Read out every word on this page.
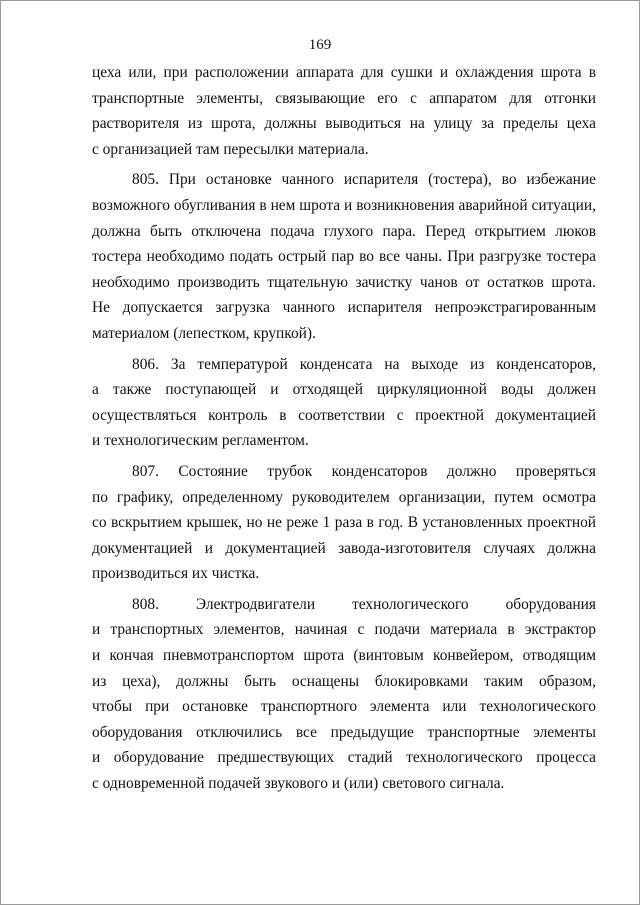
169
цеха или, при расположении аппарата для сушки и охлаждения шрота в
транспортные элементы, связывающие его с аппаратом для отгонки
растворителя из шрота, должны выводиться на улицу за пределы цеха
с организацией там пересылки материала.
805. При остановке чанного испарителя (тостера), во избежание
возможного обугливания в нем шрота и возникновения аварийной ситуации,
должна быть отключена подача глухого пара. Перед открытием люков
тостера необходимо подать острый пар во все чаны. При разгрузке тостера
необходимо производить тщательную зачистку чанов от остатков шрота.
Не допускается загрузка чанного испарителя непроэкстрагированным
материалом (лепестком, крупкой).
806. За температурой конденсата на выходе из конденсаторов,
а также поступающей и отходящей циркуляционной воды должен
осуществляться контроль в соответствии с проектной документацией
и технологическим регламентом.
807. Состояние трубок конденсаторов должно проверяться
по графику, определенному руководителем организации, путем осмотра
со вскрытием крышек, но не реже 1 раза в год. В установленных проектной
документацией и документацией завода-изготовителя случаях должна
производиться их чистка.
808. Электродвигатели технологического оборудования
и транспортных элементов, начиная с подачи материала в экстрактор
и кончая пневмотранспортом шрота (винтовым конвейером, отводящим
из цеха), должны быть оснащены блокировками таким образом,
чтобы при остановке транспортного элемента или технологического
оборудования отключились все предыдущие транспортные элементы
и оборудование предшествующих стадий технологического процесса
с одновременной подачей звукового и (или) светового сигнала.
